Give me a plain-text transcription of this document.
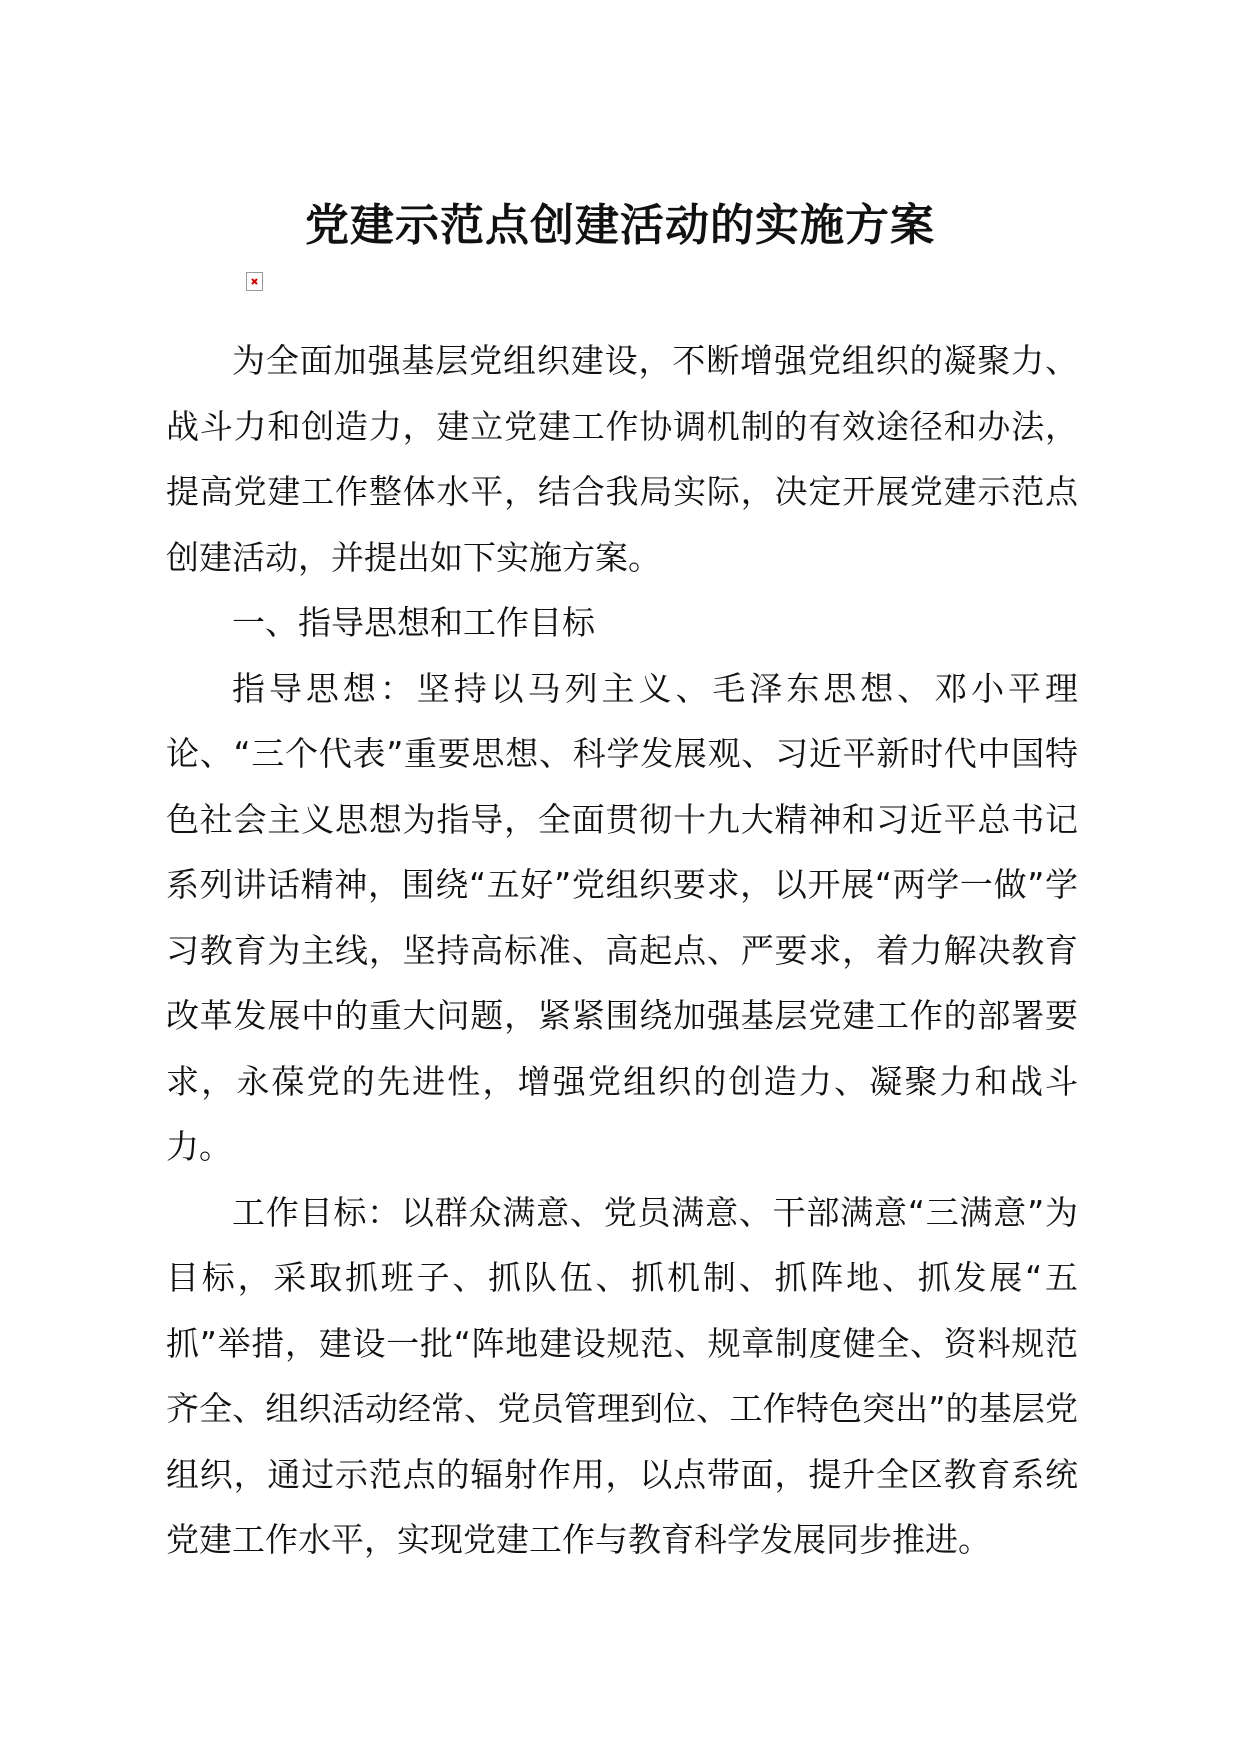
党建示范点创建活动的实施方案

为全面加强基层党组织建设，不断增强党组织的凝聚力、战斗力和创造力，建立党建工作协调机制的有效途径和办法，提高党建工作整体水平，结合我局实际，决定开展党建示范点创建活动，并提出如下实施方案。

一、指导思想和工作目标

指导思想：坚持以马列主义、毛泽东思想、邓小平理论、“三个代表”重要思想、科学发展观、习近平新时代中国特色社会主义思想为指导，全面贯彻十九大精神和习近平总书记系列讲话精神，围绕“五好”党组织要求，以开展“两学一做”学习教育为主线，坚持高标准、高起点、严要求，着力解决教育改革发展中的重大问题，紧紧围绕加强基层党建工作的部署要求，永葆党的先进性，增强党组织的创造力、凝聚力和战斗力。

工作目标：以群众满意、党员满意、干部满意“三满意”为目标，采取抓班子、抓队伍、抓机制、抓阵地、抓发展“五抓”举措，建设一批“阵地建设规范、规章制度健全、资料规范齐全、组织活动经常、党员管理到位、工作特色突出”的基层党组织，通过示范点的辐射作用，以点带面，提升全区教育系统党建工作水平，实现党建工作与教育科学发展同步推进。
